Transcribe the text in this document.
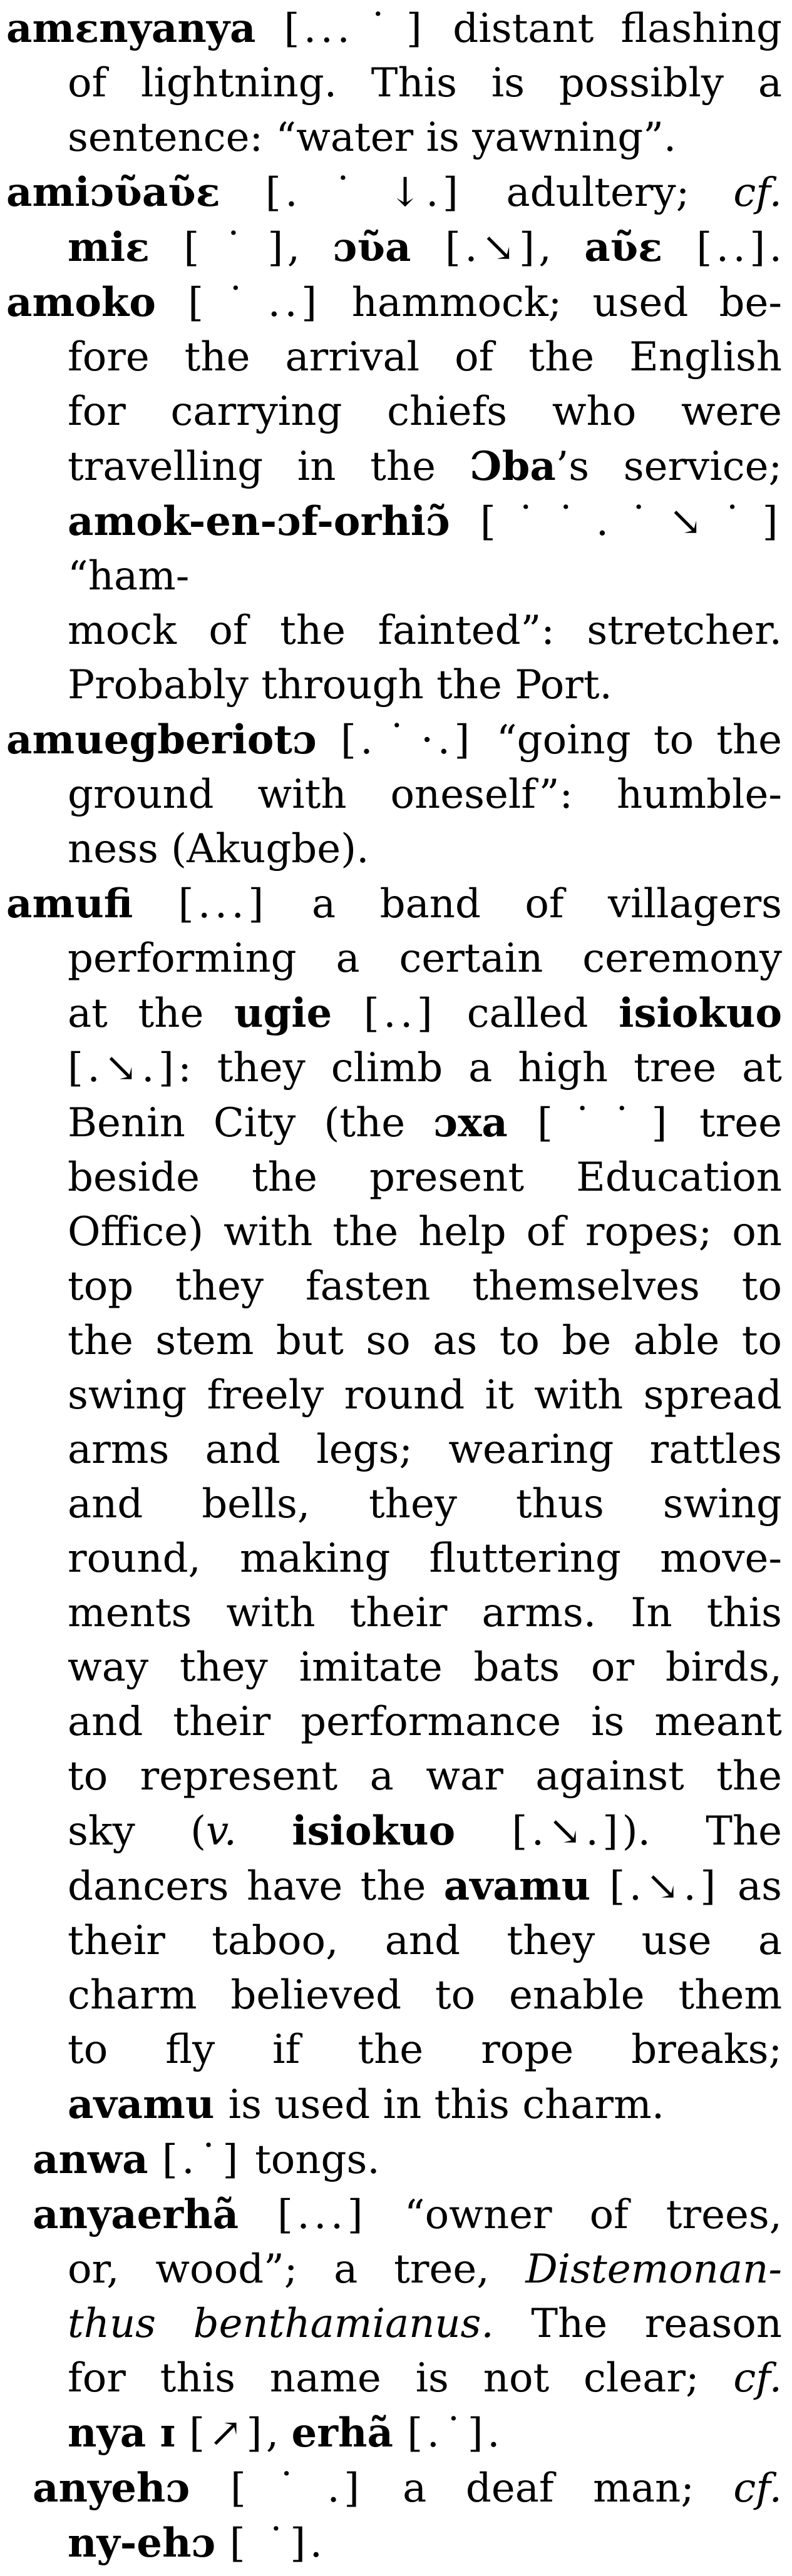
amɛnyanya [...˙] distant flashing

of lightning. This is possibly a

sentence: “water is yawning”.

amiɔʋ̃aʋ̃ɛ [.˙↓.] adultery; cf.

miɛ [˙], ɔʋ̃a [.↘], aʋ̃ɛ [..].

amoko [˙..] hammock; used be-

fore the arrival of the English

for carrying chiefs who were

travelling in the Ɔba’s service;

amok-en-ɔf-orhiɔ̃ [˙˙.˙↘˙] “ham-

mock of the fainted”: stretcher.

Probably through the Port.

amuegberiotɔ [.˙·.] “going to the

ground with oneself”: humble-

ness (Akugbe).

amufi [...] a band of villagers

performing a certain ceremony

at the ugie [..] called isiokuo

[.↘.]: they climb a high tree at

Benin City (the ɔxa [˙˙] tree

beside the present Education

Office) with the help of ropes; on

top they fasten themselves to

the stem but so as to be able to

swing freely round it with spread

arms and legs; wearing rattles

and bells, they thus swing

round, making fluttering move-

ments with their arms. In this

way they imitate bats or birds,

and their performance is meant

to represent a war against the

sky (v. isiokuo [.↘.]). The

dancers have the avamu [.↘.] as

their taboo, and they use a

charm believed to enable them

to fly if the rope breaks;

avamu is used in this charm.

anwa [.˙] tongs.

anyaerhã [...] “owner of trees,

or, wood”; a tree, Distemonan-

thus benthamianus. The reason

for this name is not clear; cf.

nya ɪ [↗], erhã [.˙].

anyehɔ [˙.] a deaf man; cf.

ny-ehɔ [ ˙].
